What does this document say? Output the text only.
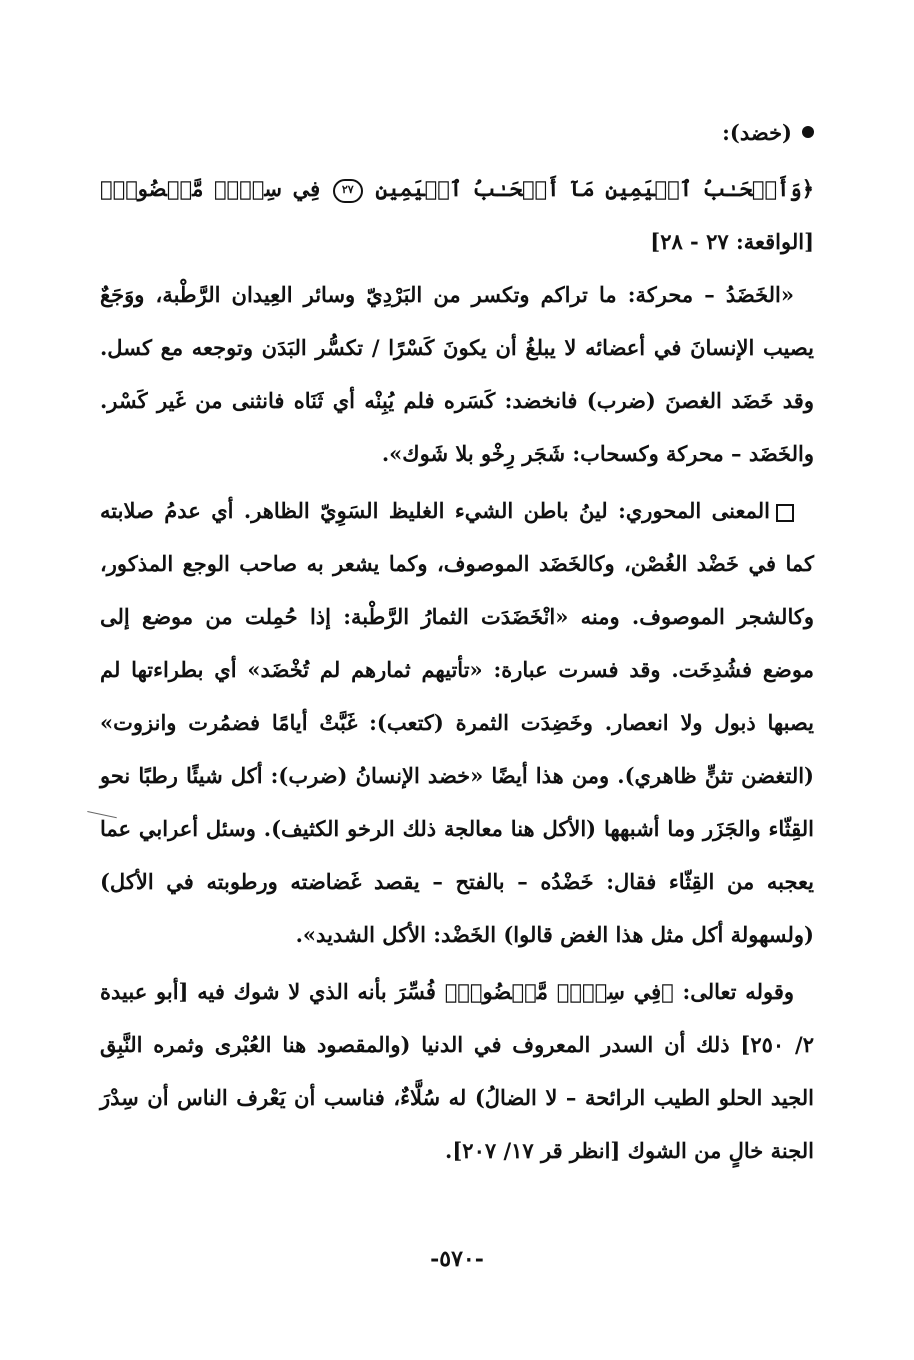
(خضد):

﴿وَأَصۡحَـٰبُ ٱلۡيَمِينِ مَآ أَصۡحَـٰبُ ٱلۡيَمِينِ ٢٧ فِي سِدۡرٖ مَّخۡضُودٖ﴾ [الواقعة: ٢٧ - ٢٨]

«الخَضَدُ – محركة: ما تراكم وتكسر من البَرْدِيّ وسائر العِيدان الرَّطْبة، ووَجَعٌ يصيب الإنسانَ في أعضائه لا يبلغُ أن يكونَ كَسْرًا / تكسُّر البَدَن وتوجعه مع كسل. وقد خَضَد الغصنَ (ضرب) فانخضد: كَسَره فلم يُبِنْه أي ثَنَاه فانثنى من غَير كَسْر. والخَضَد – محركة وكسحاب: شَجَر رِخْو بلا شَوك».

المعنى المحوري: لينُ باطن الشيء الغليظ السَوِيّ الظاهر. أي عدمُ صلابته كما في خَضْد الغُصْن، وكالخَضَد الموصوف، وكما يشعر به صاحب الوجع المذكور، وكالشجر الموصوف. ومنه «انْخَضَدَت الثمارُ الرَّطْبة: إذا حُمِلت من موضع إلى موضع فشُدِخَت. وقد فسرت عبارة: «تأتيهم ثمارهم لم تُخْضَد» أي بطراءتها لم يصبها ذبول ولا انعصار. وخَضِدَت الثمرة (كتعب): غَبَّتْ أيامًا فضمُرت وانزوت» (التغضن تثنٍّ ظاهري). ومن هذا أيضًا «خضد الإنسانُ (ضرب): أكل شيئًا رطبًا نحو القِثّاء والجَزَر وما أشبهها (الأكل هنا معالجة ذلك الرخو الكثيف). وسئل أعرابي عما يعجبه من القِثّاء فقال: خَضْدُه – بالفتح – يقصد غَضاضته ورطوبته في الأكل) (ولسهولة أكل مثل هذا الغض قالوا) الخَضْد: الأكل الشديد».

وقوله تعالى: ﴿فِي سِدۡرٖ مَّخۡضُودٖ﴾ فُسِّرَ بأنه الذي لا شوك فيه [أبو عبيدة ٢/ ٢٥٠] ذلك أن السدر المعروف في الدنيا (والمقصود هنا العُبْرى وثمره النَّبِق الجيد الحلو الطيب الرائحة – لا الضالُ) له سُلَّاءٌ، فناسب أن يَعْرف الناس أن سِدْرَ الجنة خالٍ من الشوك [انظر قر ١٧/ ٢٠٧].

-٥٧٠-
